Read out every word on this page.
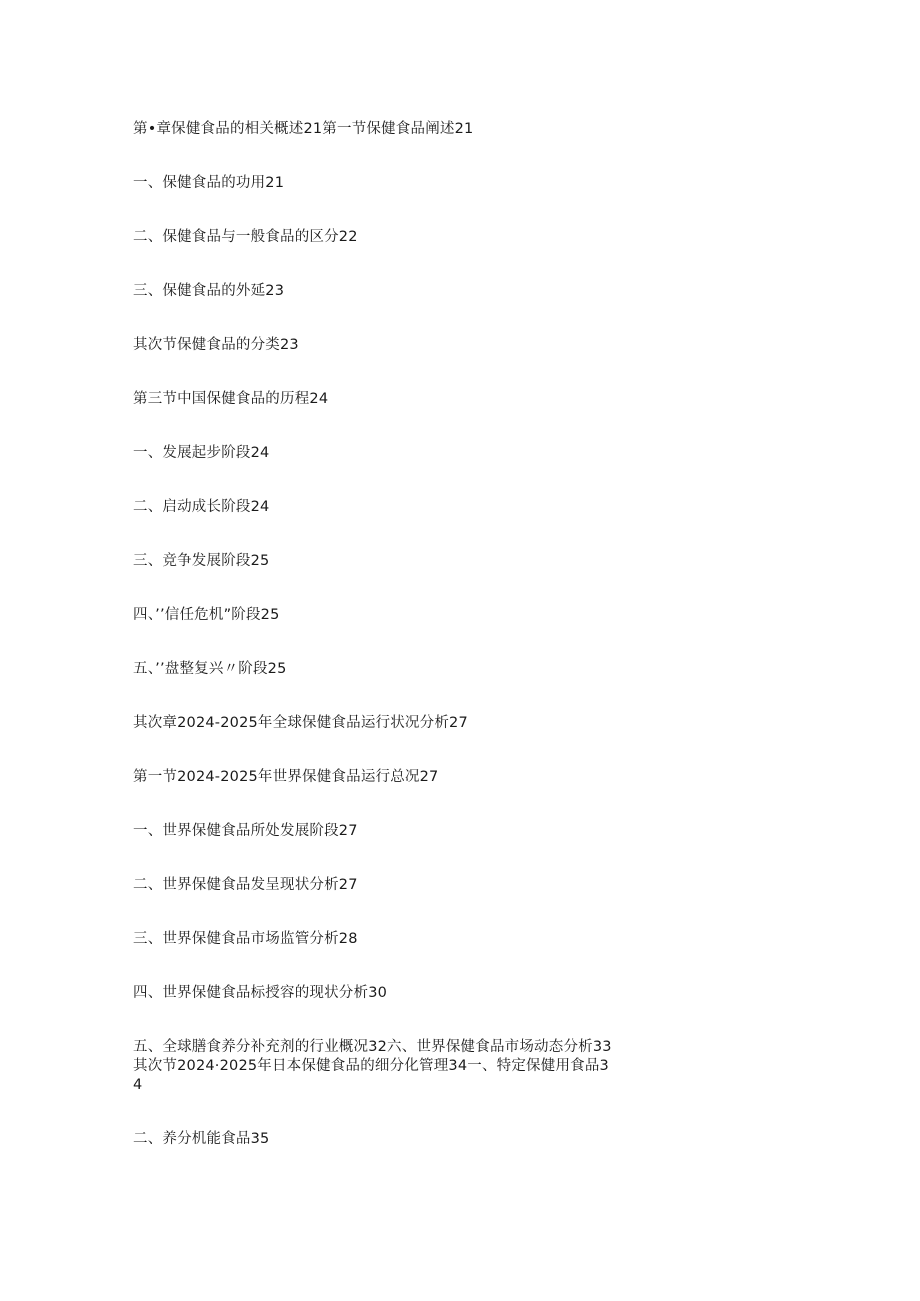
第•章保健食品的相关概述21第一节保健食品阐述21
一、保健食品的功用21
二、保健食品与一般食品的区分22
三、保健食品的外延23
其次节保健食品的分类23
第三节中国保健食品的历程24
一、发展起步阶段24
二、启动成长阶段24
三、竞争发展阶段25
四、’’信任危机”阶段25
五、’’盘整复兴〃阶段25
其次章2024-2025年全球保健食品运行状况分析27
第一节2024-2025年世界保健食品运行总况27
一、世界保健食品所处发展阶段27
二、世界保健食品发呈现状分析27
三、世界保健食品市场监管分析28
四、世界保健食品标授容的现状分析30
五、全球膳食养分补充剂的行业概况32六、世界保健食品市场动态分析33其次节2024·2025年日本保健食品的细分化管理34一、特定保健用食品34
二、养分机能食品35
